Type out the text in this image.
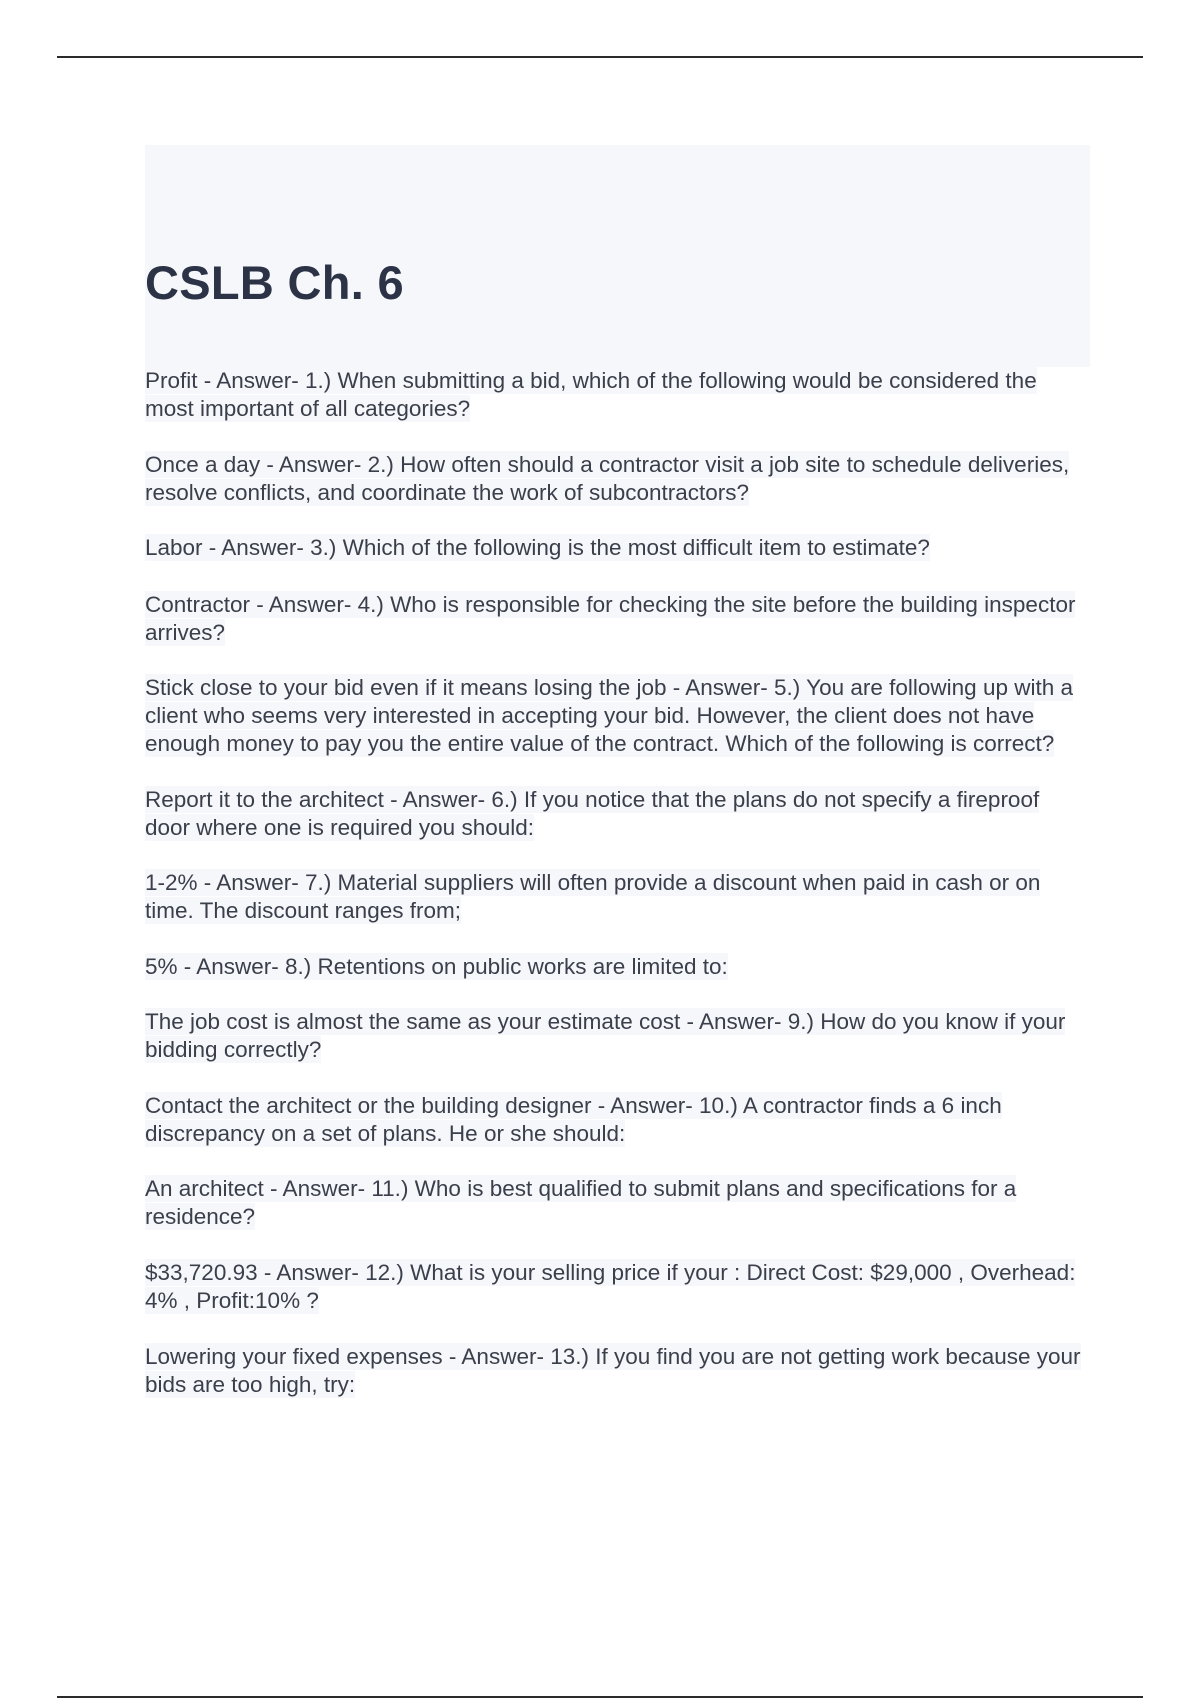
CSLB Ch. 6
Profit - Answer- 1.) When submitting a bid, which of the following would be considered the most important of all categories?
Once a day - Answer- 2.) How often should a contractor visit a job site to schedule deliveries, resolve conflicts, and coordinate the work of subcontractors?
Labor - Answer- 3.) Which of the following is the most difficult item to estimate?
Contractor - Answer- 4.) Who is responsible for checking the site before the building inspector arrives?
Stick close to your bid even if it means losing the job - Answer- 5.) You are following up with a client who seems very interested in accepting your bid. However, the client does not have enough money to pay you the entire value of the contract. Which of the following is correct?
Report it to the architect - Answer- 6.) If you notice that the plans do not specify a fireproof door where one is required you should:
1-2% - Answer- 7.) Material suppliers will often provide a discount when paid in cash or on time. The discount ranges from;
5% - Answer- 8.) Retentions on public works are limited to:
The job cost is almost the same as your estimate cost - Answer- 9.) How do you know if your bidding correctly?
Contact the architect or the building designer - Answer- 10.) A contractor finds a 6 inch discrepancy on a set of plans. He or she should:
An architect - Answer- 11.) Who is best qualified to submit plans and specifications for a residence?
$33,720.93 - Answer- 12.) What is your selling price if your : Direct Cost: $29,000 , Overhead: 4% , Profit:10% ?
Lowering your fixed expenses - Answer- 13.) If you find you are not getting work because your bids are too high, try:
